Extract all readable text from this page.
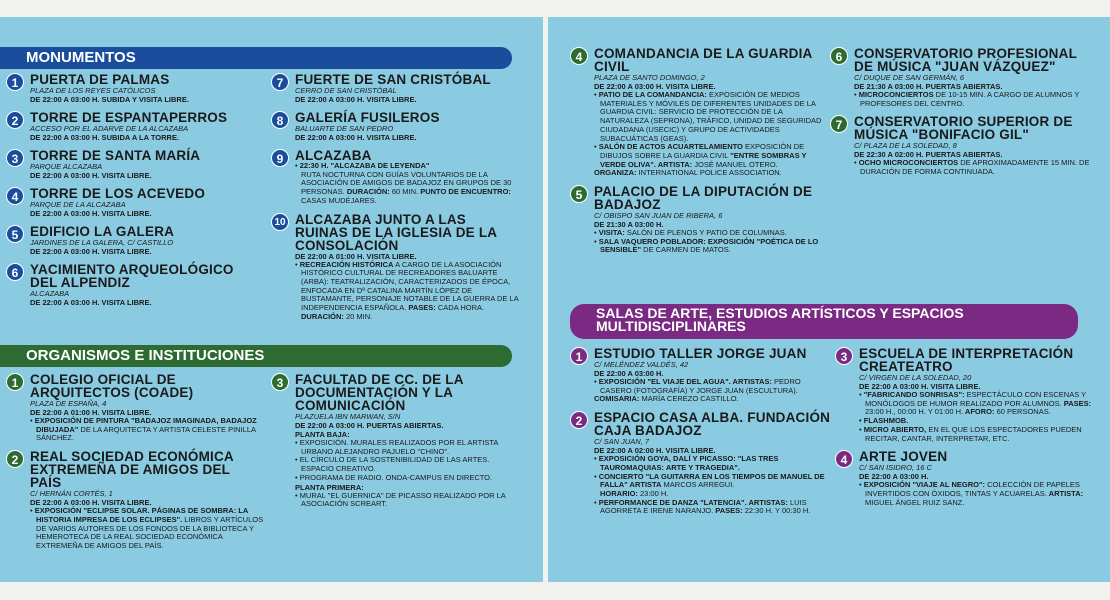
MONUMENTOS
1 PUERTA DE PALMAS
PLAZA DE LOS REYES CATÓLICOS
DE 22:00 A 03:00 H. SUBIDA Y VISITA LIBRE.
2 TORRE DE ESPANTAPERROS
ACCESO POR EL ADARVE DE LA ALCAZABA
DE 22:00 A 03:00 H. SUBIDA A LA TORRE.
3 TORRE DE SANTA MARÍA
PARQUE ALCAZABA
DE 22:00 A 03:00 H. VISITA LIBRE.
4 TORRE DE LOS ACEVEDO
PARQUE DE LA ALCAZABA
DE 22:00 A 03:00 H. VISITA LIBRE.
5 EDIFICIO LA GALERA
JARDINES DE LA GALERA, C/ CASTILLO
DE 22:00 A 03:00 H. VISITA LIBRE.
6 YACIMIENTO ARQUEOLÓGICO DEL ALPENDIZ
ALCAZABA
DE 22:00 A 03:00 H. VISITA LIBRE.
7 FUERTE DE SAN CRISTÓBAL
CERRO DE SAN CRISTÓBAL
DE 22:00 A 03:00 H. VISITA LIBRE.
8 GALERÍA FUSILEROS
BALUARTE DE SAN PEDRO
DE 22:00 A 03:00 H. VISITA LIBRE.
9 ALCAZABA
• 22:30 H. "ALCAZABA DE LEYENDA"
RUTA NOCTURNA CON GUÍAS VOLUNTARIOS DE LA ASOCIACIÓN DE AMIGOS DE BADAJOZ EN GRUPOS DE 30 PERSONAS. DURACIÓN: 60 MIN. PUNTO DE ENCUENTRO: CASAS MUDÉJARES.
10 ALCAZABA JUNTO A LAS RUINAS DE LA IGLESIA DE LA CONSOLACIÓN
DE 22:00 A 01:00 H. VISITA LIBRE.
• RECREACIÓN HISTÓRICA A CARGO DE LA ASOCIACIÓN HISTÓRICO CULTURAL DE RECREADORES BALUARTE (ARBA): TEATRALIZACIÓN, CARACTERIZADOS DE ÉPOCA, ENFOCADA EN Dª CATALINA MARTÍN LÓPEZ DE BUSTAMANTE, PERSONAJE NOTABLE DE LA GUERRA DE LA INDEPENDENCIA ESPAÑOLA. PASES: CADA HORA.
DURACIÓN: 20 MIN.
ORGANISMOS E INSTITUCIONES
1 COLEGIO OFICIAL DE ARQUITECTOS (COADE)
PLAZA DE ESPAÑA, 4
DE 22:00 A 01:00 H. VISITA LIBRE.
• EXPOSICIÓN DE PINTURA "BADAJOZ IMAGINADA, BADAJOZ DIBUJADA" DE LA ARQUITECTA Y ARTISTA CELESTE PINILLA SÁNCHEZ.
2 REAL SOCIEDAD ECONÓMICA EXTREMEÑA DE AMIGOS DEL PAÍS
C/ HERNÁN CORTÉS, 1
DE 22:00 A 03:00 H. VISITA LIBRE.
• EXPOSICIÓN "ECLIPSE SOLAR. PÁGINAS DE SOMBRA: LA HISTORIA IMPRESA DE LOS ECLIPSES". LIBROS Y ARTÍCULOS DE VARIOS AUTORES DE LOS FONDOS DE LA BIBLIOTECA Y HEMEROTECA DE LA REAL SOCIEDAD ECONÓMICA EXTREMEÑA DE AMIGOS DEL PAÍS.
3 FACULTAD DE CC. DE LA DOCUMENTACIÓN Y LA COMUNICACIÓN
PLAZUELA IBN MARWAN, S/N
DE 22:00 A 03:00 H. PUERTAS ABIERTAS.
PLANTA BAJA:
• EXPOSICIÓN. MURALES REALIZADOS POR EL ARTISTA URBANO ALEJANDRO PAJUELO "CHINO".
• EL CÍRCULO DE LA SOSTENIBILIDAD DE LAS ARTES. ESPACIO CREATIVO.
• PROGRAMA DE RADIO. ONDA-CAMPUS EN DIRECTO.
PLANTA PRIMERA:
• MURAL "EL GUERNICA" DE PICASSO REALIZADO POR LA ASOCIACIÓN SCREART.
4 COMANDANCIA DE LA GUARDIA CIVIL
PLAZA DE SANTO DOMINGO, 2
DE 22:00 A 03:00 H. VISITA LIBRE.
• PATIO DE LA COMANDANCIA: EXPOSICIÓN DE MEDIOS MATERIALES Y MÓVILES DE DIFERENTES UNIDADES DE LA GUARDIA CIVIL: SERVICIO DE PROTECCIÓN DE LA NATURALEZA (SEPRONA), TRÁFICO, UNIDAD DE SEGURIDAD CIUDADANA (USECIC) Y GRUPO DE ACTIVIDADES SUBACUÁTICAS (GEAS).
• SALÓN DE ACTOS ACUARTELAMIENTO EXPOSICIÓN DE DIBUJOS SOBRE LA GUARDIA CIVIL "ENTRE SOMBRAS Y VERDE OLIVA". ARTISTA: JOSÉ MANUEL OTERO.
ORGANIZA: INTERNATIONAL POLICE ASSOCIATION.
5 PALACIO DE LA DIPUTACIÓN DE BADAJOZ
C/ OBISPO SAN JUAN DE RIBERA, 6
DE 21:30 A 03:00 H.
• VISITA: SALÓN DE PLENOS Y PATIO DE COLUMNAS.
• SALA VAQUERO POBLADOR: EXPOSICIÓN "POÉTICA DE LO SENSIBLE" DE CARMEN DE MATOS.
6 CONSERVATORIO PROFESIONAL DE MÚSICA "JUAN VÁZQUEZ"
C/ DUQUE DE SAN GERMÁN, 6
DE 21:30 A 03:00 H. PUERTAS ABIERTAS.
• MICROCONCIERTOS DE 10-15 MIN. A CARGO DE ALUMNOS Y PROFESORES DEL CENTRO.
7 CONSERVATORIO SUPERIOR DE MÚSICA "BONIFACIO GIL"
C/ PLAZA DE LA SOLEDAD, 8
DE 22:30 A 02:00 H. PUERTAS ABIERTAS.
• OCHO MICROCONCIERTOS DE APROXIMADAMENTE 15 MIN. DE DURACIÓN DE FORMA CONTINUADA.
SALAS DE ARTE, ESTUDIOS ARTÍSTICOS Y ESPACIOS MULTIDISCIPLINARES
1 ESTUDIO TALLER JORGE JUAN
C/ MELÉNDEZ VALDÉS, 42
DE 22:00 A 03:00 H.
• EXPOSICIÓN "EL VIAJE DEL AGUA". ARTISTAS: PEDRO CASERO (FOTOGRAFÍA) Y JORGE JUAN (ESCULTURA).
COMISARIA: MARÍA CEREZO CASTILLO.
2 ESPACIO CASA ALBA. FUNDACIÓN CAJA BADAJOZ
C/ SAN JUAN, 7
DE 22:00 A 02:00 H. VISITA LIBRE.
• EXPOSICIÓN GOYA, DALÍ Y PICASSO: "LAS TRES TAUROMAQUIAS: ARTE Y TRAGEDIA".
• CONCIERTO "LA GUITARRA EN LOS TIEMPOS DE MANUEL DE FALLA" ARTISTA MARCOS ARREGUI.
HORARIO: 23:00 H.
• PERFORMANCE DE DANZA "LATENCIA". ARTISTAS: LUIS AGORRETA E IRENE NARANJO. PASES: 22:30 H. Y 00:30 H.
3 ESCUELA DE INTERPRETACIÓN CREATEATRO
C/ VIRGEN DE LA SOLEDAD, 20
DE 22:00 A 03:00 H. VISITA LIBRE.
• "FABRICANDO SONRISAS": ESPECTÁCULO CON ESCENAS Y MONÓLOGOS DE HUMOR REALIZADO POR ALUMNOS. PASES: 23:00 H., 00:00 H. Y 01:00 H. AFORO: 60 PERSONAS.
• FLASHMOB.
• MICRO ABIERTO, EN EL QUE LOS ESPECTADORES PUEDEN RECITAR, CANTAR, INTERPRETAR, ETC.
4 ARTE JOVEN
C/ SAN ISIDRO, 16 C
DE 22:00 A 03:00 H.
• EXPOSICIÓN "VIAJE AL NEGRO": COLECCIÓN DE PAPELES INVERTIDOS CON ÓXIDOS, TINTAS Y ACUARELAS. ARTISTA: MIGUEL ÁNGEL RUIZ SANZ.
